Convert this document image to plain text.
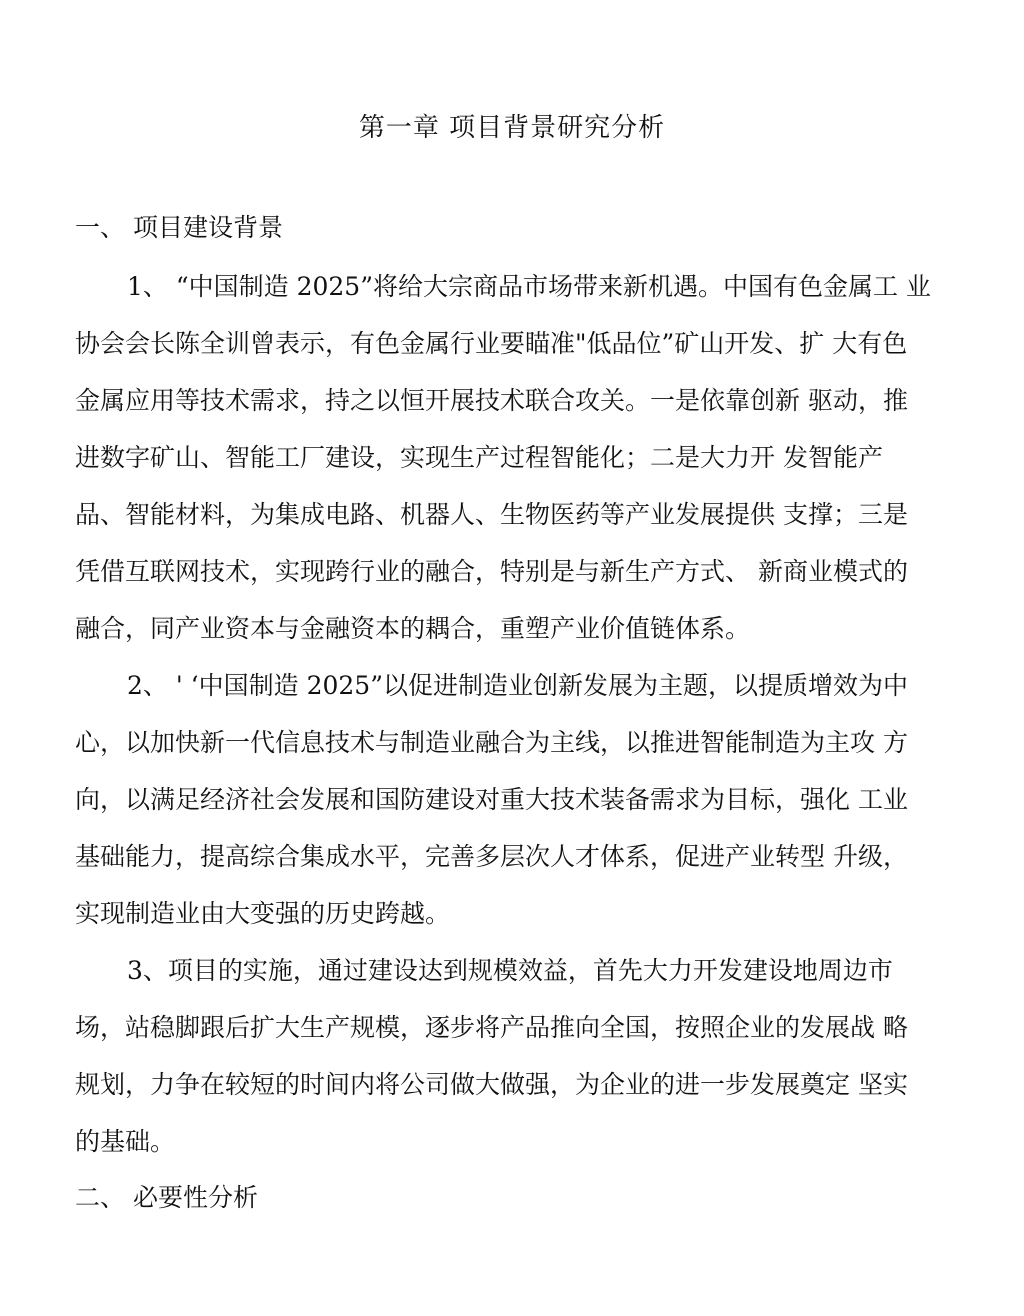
第一章 项目背景研究分析
一、 项目建设背景
1、 “中国制造 2025”将给大宗商品市场带来新机遇。中国有色金属工 业
协会会长陈全训曾表示，有色金属行业要瞄准"低品位”矿山开发、扩 大有色
金属应用等技术需求，持之以恒开展技术联合攻关。一是依靠创新 驱动，推
进数字矿山、智能工厂建设，实现生产过程智能化；二是大力开 发智能产
品、智能材料，为集成电路、机器人、生物医药等产业发展提供 支撑；三是
凭借互联网技术，实现跨行业的融合，特别是与新生产方式、 新商业模式的
融合，同产业资本与金融资本的耦合，重塑产业价值链体系。
2、 ' ‘中国制造 2025”以促进制造业创新发展为主题，以提质增效为中
心，以加快新一代信息技术与制造业融合为主线，以推进智能制造为主攻 方
向，以满足经济社会发展和国防建设对重大技术装备需求为目标，强化 工业
基础能力，提高综合集成水平，完善多层次人才体系，促进产业转型 升级，
实现制造业由大变强的历史跨越。
3、项目的实施，通过建设达到规模效益，首先大力开发建设地周边市
场，站稳脚跟后扩大生产规模，逐步将产品推向全国，按照企业的发展战 略
规划，力争在较短的时间内将公司做大做强，为企业的进一步发展奠定 坚实
的基础。
二、 必要性分析
